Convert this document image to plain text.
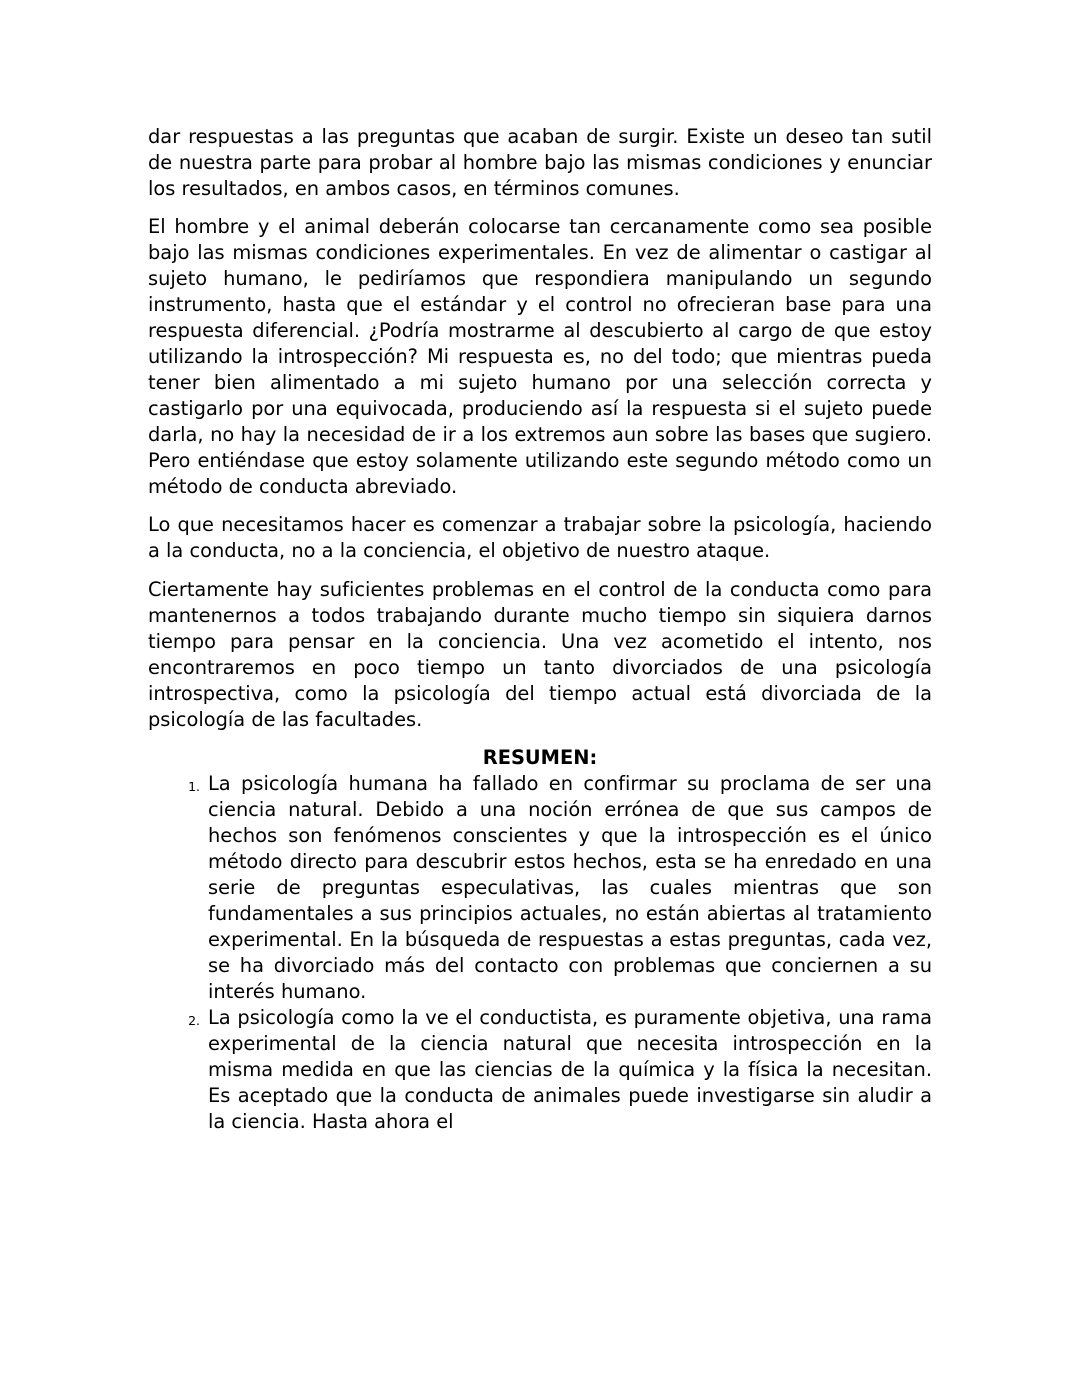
dar respuestas a las preguntas que acaban de surgir. Existe un deseo tan sutil de nuestra parte para probar al hombre bajo las mismas condiciones y enunciar los resultados, en ambos casos, en términos comunes.

El hombre y el animal deberán colocarse tan cercanamente como sea posible bajo las mismas condiciones experimentales. En vez de alimentar o castigar al sujeto humano, le pediríamos que respondiera manipulando un segundo instrumento, hasta que el estándar y el control no ofrecieran base para una respuesta diferencial. ¿Podría mostrarme al descubierto al cargo de que estoy utilizando la introspección? Mi respuesta es, no del todo; que mientras pueda tener bien alimentado a mi sujeto humano por una selección correcta y castigarlo por una equivocada, produciendo así la respuesta si el sujeto puede darla, no hay la necesidad de ir a los extremos aun sobre las bases que sugiero. Pero entiéndase que estoy solamente utilizando este segundo método como un método de conducta abreviado.

Lo que necesitamos hacer es comenzar a trabajar sobre la psicología, haciendo a la conducta, no a la conciencia, el objetivo de nuestro ataque.

Ciertamente hay suficientes problemas en el control de la conducta como para mantenernos a todos trabajando durante mucho tiempo sin siquiera darnos tiempo para pensar en la conciencia. Una vez acometido el intento, nos encontraremos en poco tiempo un tanto divorciados de una psicología introspectiva, como la psicología del tiempo actual está divorciada de la psicología de las facultades.

RESUMEN:
1. La psicología humana ha fallado en confirmar su proclama de ser una ciencia natural. Debido a una noción errónea de que sus campos de hechos son fenómenos conscientes y que la introspección es el único método directo para descubrir estos hechos, esta se ha enredado en una serie de preguntas especulativas, las cuales mientras que son fundamentales a sus principios actuales, no están abiertas al tratamiento experimental. En la búsqueda de respuestas a estas preguntas, cada vez, se ha divorciado más del contacto con problemas que conciernen a su interés humano.
2. La psicología como la ve el conductista, es puramente objetiva, una rama experimental de la ciencia natural que necesita introspección en la misma medida en que las ciencias de la química y la física la necesitan. Es aceptado que la conducta de animales puede investigarse sin aludir a la ciencia. Hasta ahora el
